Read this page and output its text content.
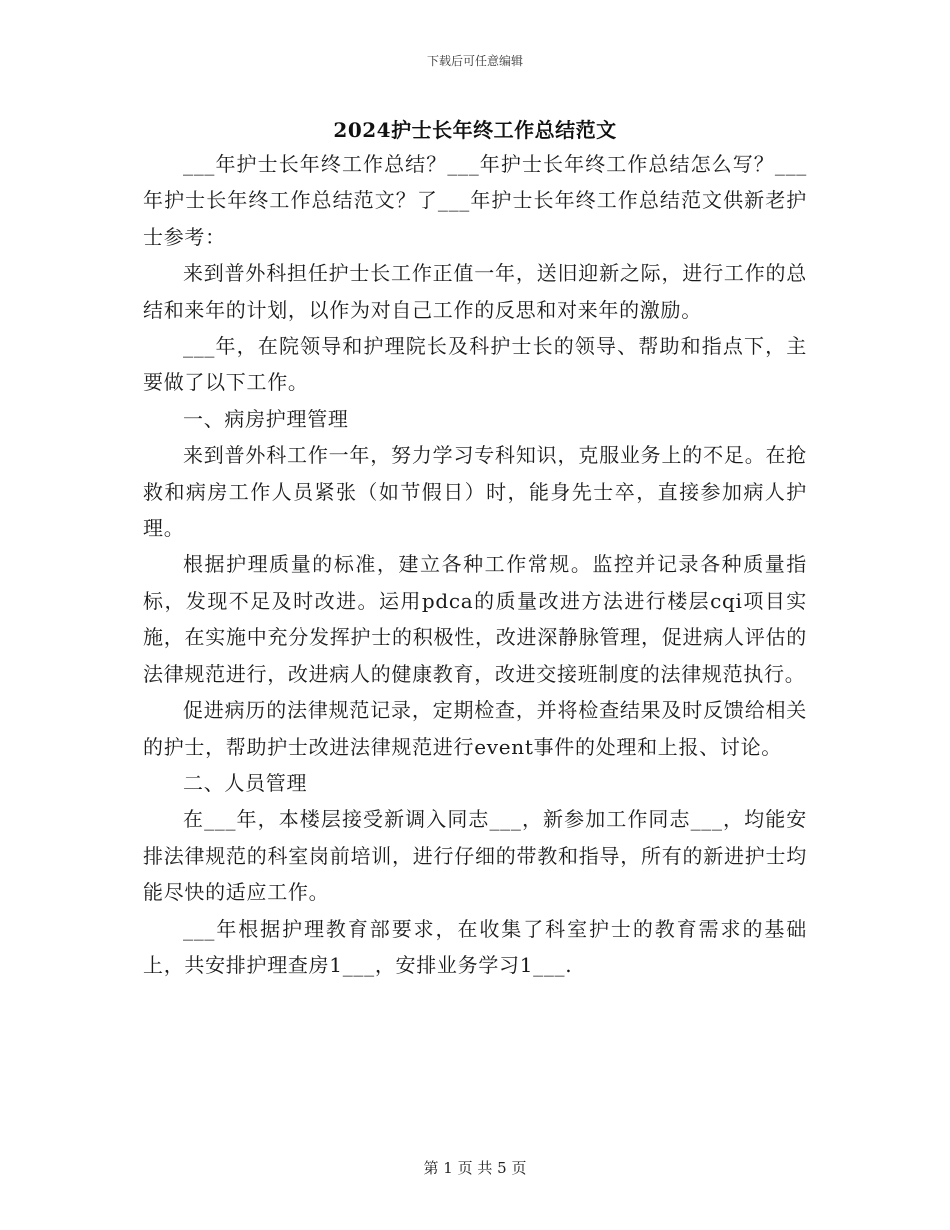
下载后可任意编辑
2024护士长年终工作总结范文

___年护士长年终工作总结？___年护士长年终工作总结怎么写？___年护士长年终工作总结范文？了___年护士长年终工作总结范文供新老护士参考：

来到普外科担任护士长工作正值一年，送旧迎新之际，进行工作的总结和来年的计划，以作为对自己工作的反思和对来年的激励。

___年，在院领导和护理院长及科护士长的领导、帮助和指点下，主要做了以下工作。

一、病房护理管理

来到普外科工作一年，努力学习专科知识，克服业务上的不足。在抢救和病房工作人员紧张（如节假日）时，能身先士卒，直接参加病人护理。

根据护理质量的标准，建立各种工作常规。监控并记录各种质量指标，发现不足及时改进。运用pdca的质量改进方法进行楼层cqi项目实施，在实施中充分发挥护士的积极性，改进深静脉管理，促进病人评估的法律规范进行，改进病人的健康教育，改进交接班制度的法律规范执行。

促进病历的法律规范记录，定期检查，并将检查结果及时反馈给相关的护士，帮助护士改进法律规范进行event事件的处理和上报、讨论。

二、人员管理

在___年，本楼层接受新调入同志___，新参加工作同志___，均能安排法律规范的科室岗前培训，进行仔细的带教和指导，所有的新进护士均能尽快的适应工作。

___年根据护理教育部要求，在收集了科室护士的教育需求的基础上，共安排护理查房1___，安排业务学习1___.

第 1 页 共 5 页
